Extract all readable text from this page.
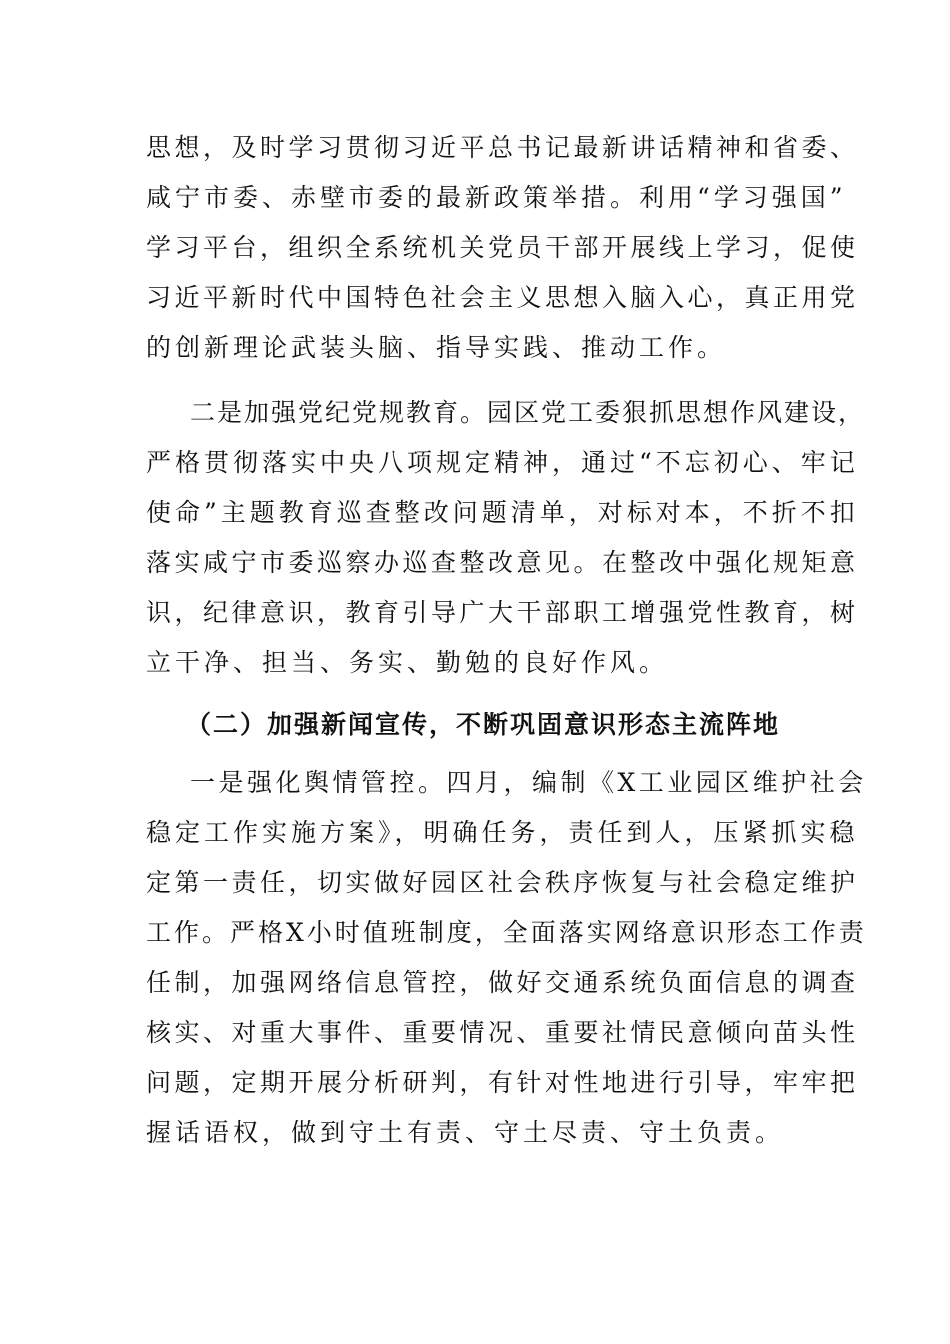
思想，及时学习贯彻习近平总书记最新讲话精神和省委、
咸宁市委、赤壁市委的最新政策举措。利用“学习强国”
学习平台，组织全系统机关党员干部开展线上学习，促使
习近平新时代中国特色社会主义思想入脑入心，真正用党
的创新理论武装头脑、指导实践、推动工作。
二是加强党纪党规教育。园区党工委狠抓思想作风建设，
严格贯彻落实中央八项规定精神，通过“不忘初心、牢记
使命”主题教育巡查整改问题清单，对标对本，不折不扣
落实咸宁市委巡察办巡查整改意见。在整改中强化规矩意
识，纪律意识，教育引导广大干部职工增强党性教育，树
立干净、担当、务实、勤勉的良好作风。
（二）加强新闻宣传，不断巩固意识形态主流阵地
一是强化舆情管控。四月，编制《X工业园区维护社会
稳定工作实施方案》，明确任务，责任到人，压紧抓实稳
定第一责任，切实做好园区社会秩序恢复与社会稳定维护
工作。严格X小时值班制度，全面落实网络意识形态工作责
任制，加强网络信息管控，做好交通系统负面信息的调查
核实、对重大事件、重要情况、重要社情民意倾向苗头性
问题，定期开展分析研判，有针对性地进行引导，牢牢把
握话语权，做到守土有责、守土尽责、守土负责。
